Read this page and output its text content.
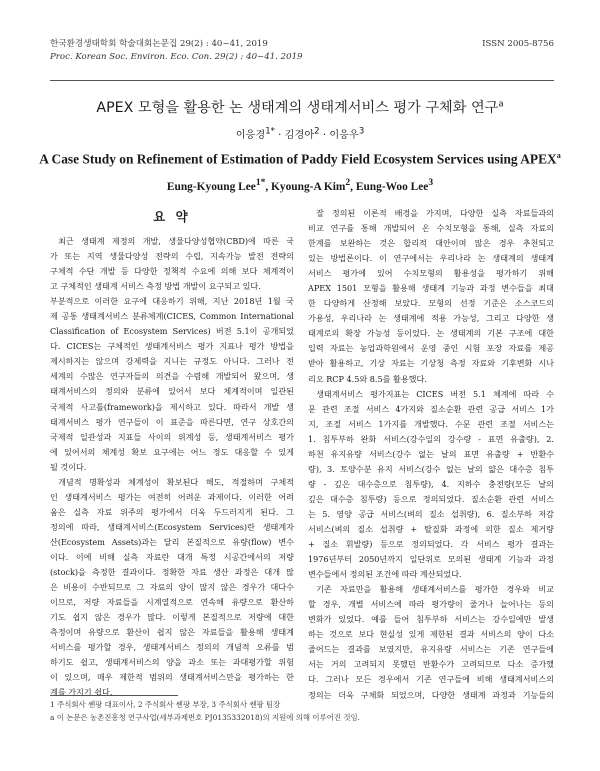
한국환경생태학회 학술대회논문집 29(2) : 40~41, 2019	ISSN 2005-8756
Proc. Korean Soc. Environ. Eco. Con. 29(2) : 40~41. 2019
APEX 모형을 활용한 논 생태계의 생태계서비스 평가 구체화 연구$^a$
이응경$^{1*}$ · 김경아$^2$ · 이응우$^3$
A Case Study on Refinement of Estimation of Paddy Field Ecosystem Services using APEX$^a$
Eung-Kyoung Lee$^{1*}$, Kyoung-A Kim$^2$, Eung-Woo Lee$^3$
요 약
최근 생태계 제정의 개발, 생물다양성협약(CBD)에 따른 국
가 또는 지역 생물다양성 전략의 수립, 지속가능 발전 전략의
구체적 수단 개발 등 다양한 정책적 수요에 의해 보다 체계적이
고 구체적인 생태계 서비스 측정 방법 개발이 요구되고 있다.
부분적으로 이러한 요구에 대응하기 위해, 지난 2018년 1월 국
제 공통 생태계서비스 분류체계(CICES, Common International
Classification of Ecosystem Services) 버전 5.1이 공개되었
다. CICES는 구체적인 생태계서비스 평가 지표나 평가 방법을
제시하지는 않으며 강제력을 지니는 규정도 아니다. 그러나 전
세계의 수많은 연구자들의 의견을 수렴해 개발되어 왔으며, 생
태계서비스의 정의와 분류에 있어서 보다 체계적이며 일관된
국제적 사고틀(framework)을 제시하고 있다. 따라서 개발 생
태계서비스 평가 연구들이 이 표준을 따른다면, 연구 상호간의
국제적 일관성과 지표들 사이의 위계성 등, 생태계서비스 평가
에 있어서의 체계성 확보 요구에는 어느 정도 대응할 수 있게
될 것이다.
개념적 명확성과 체계성이 확보된다 해도, 적절하며 구체적
인 생태계서비스 평가는 여전히 어려운 과제이다. 이러한 어려
움은 실측 자료 위주의 평가에서 더욱 두드러지게 된다. 그
정의에 따라, 생태계서비스(Ecosystem Services)란 생태계자
산(Ecosystem Assets)과는 달리 본질적으로 유량(flow) 변수
이다. 이에 비해 실측 자료란 대개 특정 시공간에서의 저량
(stock)을 측정한 결과이다. 정확한 자료 생산 과정은 대개 많
은 비용이 수반되므로 그 자료의 양이 많지 않은 경우가 대다수
이므로, 저량 자료들을 시계열적으로 연속해 유량으로 환산하
기도 쉽지 않은 경우가 많다. 이렇게 본질적으로 저량에 대한
측정이며 유량으로 환산이 쉽지 않은 자료들을 활용해 생태계
서비스를 평가할 경우, 생태계서비스 정의의 개념적 오류를 범
하기도 쉽고, 생태계서비스의 양을 과소 또는 과대평가할 위험
이 있으며, 매우 제한적 범위의 생태계서비스만을 평가하는 한
계를 가지기 쉽다.
잘 정의된 이론적 배경을 가지며, 다양한 실측 자료들과의
비교 연구를 통해 개발되어 온 수치모형을 통해, 실측 자료의
한계를 보완하는 것은 합리적 대안이며 많은 경우 추천되고
있는 방법론이다. 이 연구에서는 우리나라 논 생태계의 생태계
서비스 평가에 있어 수치모형의 활용성을 평가하기 위해
APEX 1501 모형을 활용해 생태계 기능과 과정 변수들을 최대
한 다양하게 산정해 보았다. 모형의 선정 기준은 소스코드의
가용성, 우리나라 논 생태계에 적용 가능성, 그리고 다양한 생
태계로의 확장 가능성 등이었다. 논 생태계의 기본 구조에 대한
입력 자료는 농업과학원에서 운영 중인 시험 포장 자료를 제공
받아 활용하고, 기상 자료는 기상청 측정 자료와 기후변화 시나
리오 RCP 4.5와 8.5를 활용했다.
생태계서비스 평가지표는 CICES 버전 5.1 체계에 따라 수
문 관련 조절 서비스 4가지와 질소순환 관련 공급 서비스 1가
지, 조절 서비스 1가지를 개발했다. 수문 관련 조절 서비스는
1. 침투부하 완화 서비스(강수일의 강수량 - 표면 유출량), 2.
하천 유지유량 서비스(강수 없는 날의 표면 유출량 + 반환수
량), 3. 토양수분 유지 서비스(강수 없는 날의 얇은 대수층 침투
량 - 깊은 대수층으로 침투량), 4. 지하수 충전량(모든 날의
깊은 대수층 침투량) 등으로 정의되었다. 질소순환 관련 서비스
는 5. 영양 공급 서비스(벼의 질소 섭취량), 6. 질소부하 저감
서비스(벼의 질소 섭취량 + 탈질화 과정에 의한 질소 제거량
+ 질소 휘발량) 등으로 정의되었다. 각 서비스 평가 결과는
1976년부터 2050년까지 일단위로 모의된 생태계 기능과 과정
변수들에서 정의된 조건에 따라 계산되었다.
기존 자료만을 활용해 생태계서비스를 평가한 경우와 비교
할 경우, 개별 서비스에 따라 평가량이 줄거나 늘어나는 등의
변화가 있었다. 예를 들어 침투부하 서비스는 강수일에만 발생
하는 것으로 보다 현실성 있게 제한된 결과 서비스의 양이 다소
줄어드는 결과를 보였지만, 유지유량 서비스는 기존 연구들에
서는 거의 고려되지 못했던 반환수가 고려되므로 다소 증가했
다. 그러나 모든 경우에서 기존 연구들에 비해 생태계서비스의
정의는 더욱 구체화 되었으며, 다양한 생태계 과정과 기능들의
1 주식회사 쎈팡 대표이사, 2 주식회사 쎈팡 부장, 3 주식회사 쎈팡 팀장
a 이 논문은 농촌진흥청 연구사업(세부과제번호 PJ0135332018)의 지원에 의해 이루어진 것임.
